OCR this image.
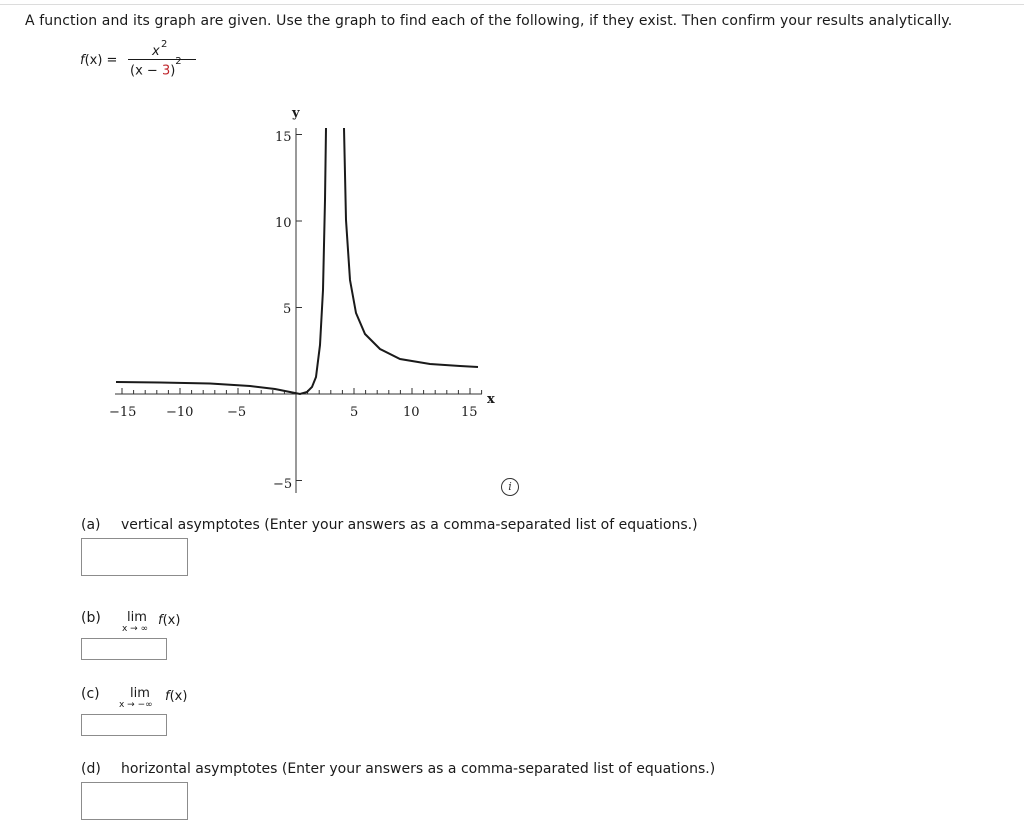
A function and its graph are given. Use the graph to find each of the following, if they exist. Then confirm your results analytically.
f(x) =
x 2
$(x - 3)^2$
y
x
−15 −10	−5	5	10	15
15
10
5
−5	i
(a) vertical asymptotes (Enter your answers as a comma-separated list of equations.)
(b) lim
x → ∞
f(x)
(c) lim
x → −∞
f(x)
(d) horizontal asymptotes (Enter your answers as a comma-separated list of equations.)
